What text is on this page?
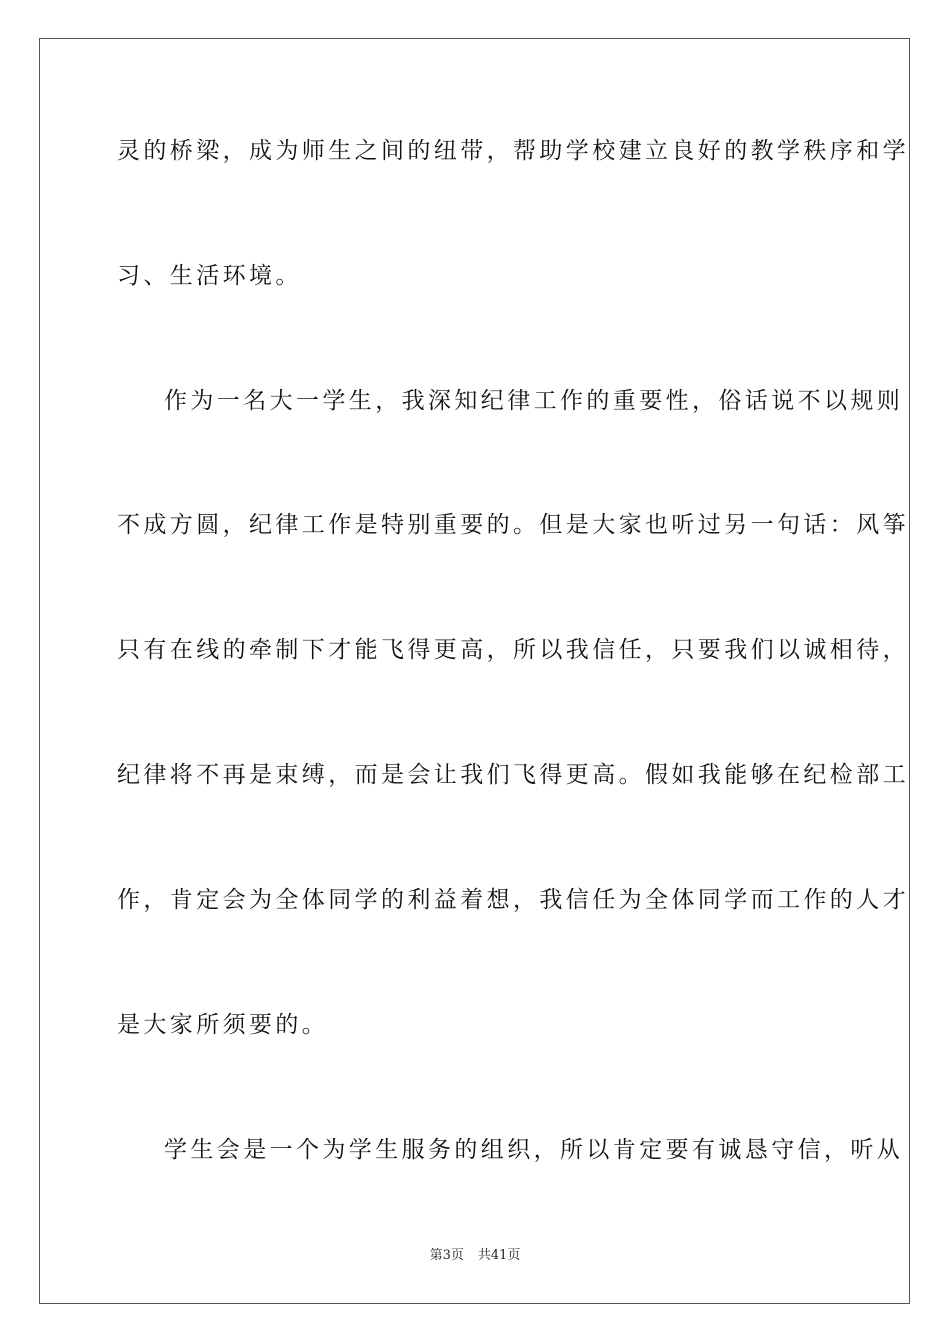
灵的桥梁，成为师生之间的纽带，帮助学校建立良好的教学秩序和学
习、生活环境。
作为一名大一学生，我深知纪律工作的重要性，俗话说不以规则
不成方圆，纪律工作是特别重要的。但是大家也听过另一句话：风筝
只有在线的牵制下才能飞得更高，所以我信任，只要我们以诚相待，
纪律将不再是束缚，而是会让我们飞得更高。假如我能够在纪检部工
作，肯定会为全体同学的利益着想，我信任为全体同学而工作的人才
是大家所须要的。
学生会是一个为学生服务的组织，所以肯定要有诚恳守信，听从
第3页 共41页
